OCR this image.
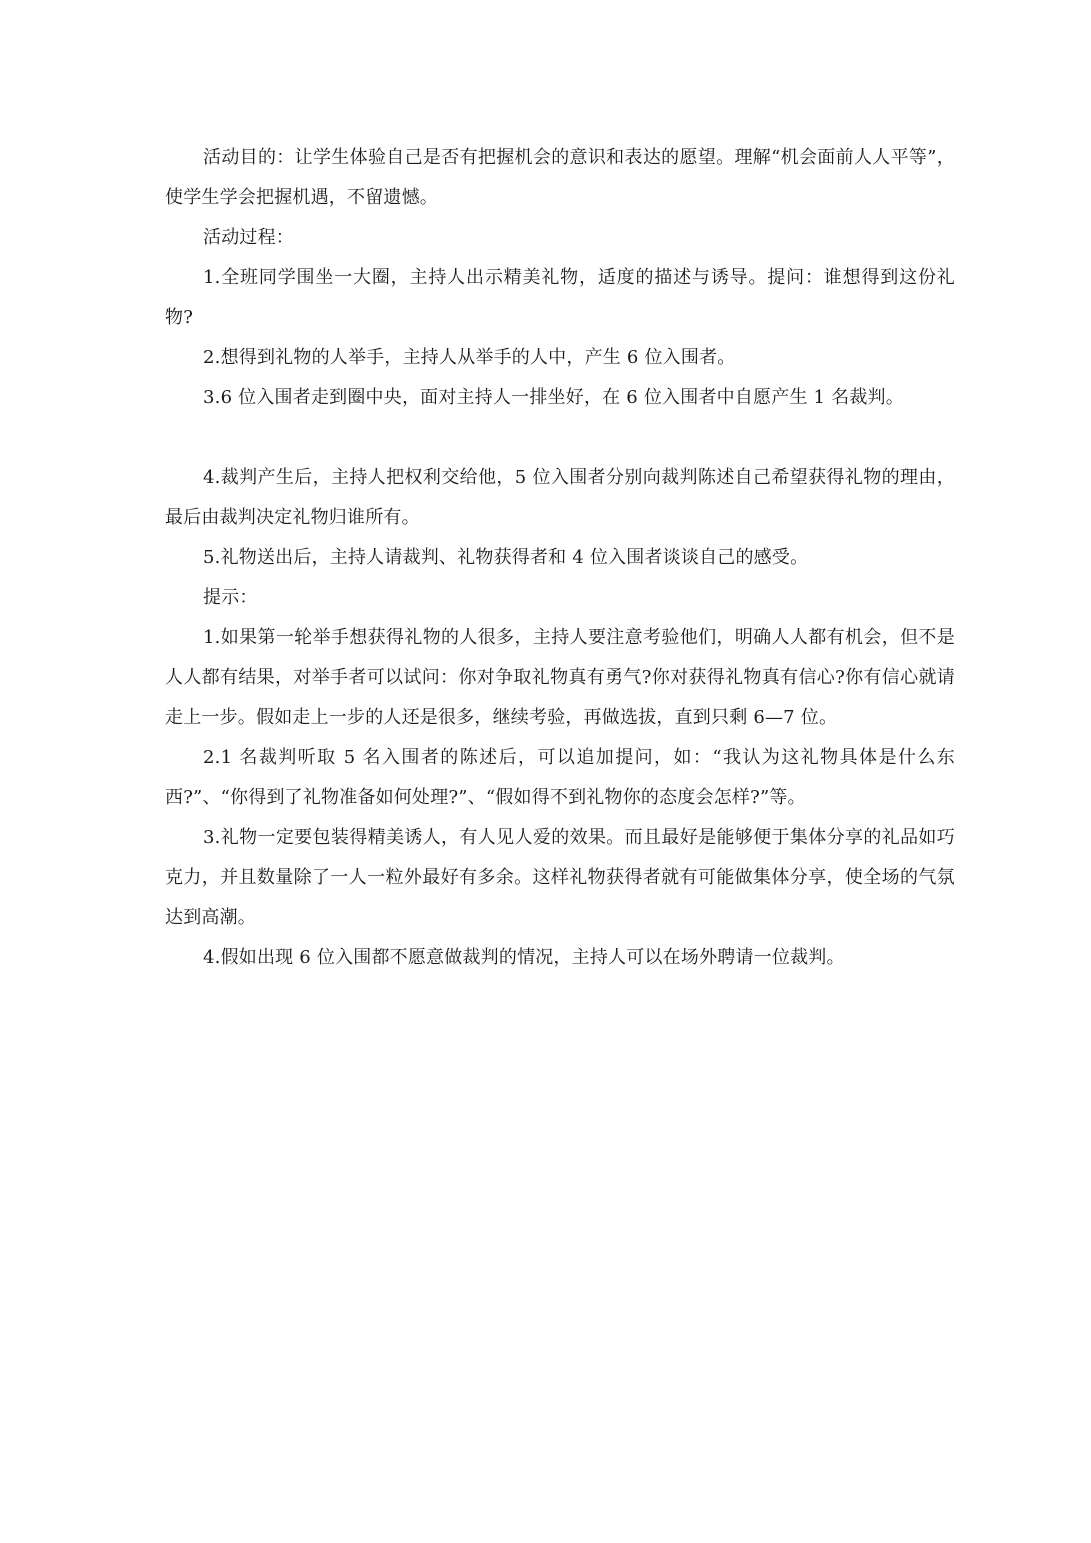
活动目的：让学生体验自己是否有把握机会的意识和表达的愿望。理解“机会面前人人平等”，使学生学会把握机遇，不留遗憾。

活动过程：

1.全班同学围坐一大圈，主持人出示精美礼物，适度的描述与诱导。提问：谁想得到这份礼物?

2.想得到礼物的人举手，主持人从举手的人中，产生 6 位入围者。

3.6 位入围者走到圈中央，面对主持人一排坐好，在 6 位入围者中自愿产生 1 名裁判。

4.裁判产生后，主持人把权利交给他，5 位入围者分别向裁判陈述自己希望获得礼物的理由，最后由裁判决定礼物归谁所有。

5.礼物送出后，主持人请裁判、礼物获得者和 4 位入围者谈谈自己的感受。

提示：

1.如果第一轮举手想获得礼物的人很多，主持人要注意考验他们，明确人人都有机会，但不是人人都有结果，对举手者可以试问：你对争取礼物真有勇气?你对获得礼物真有信心?你有信心就请走上一步。假如走上一步的人还是很多，继续考验，再做选拔，直到只剩 6—7 位。

2.1 名裁判听取 5 名入围者的陈述后，可以追加提问，如：“我认为这礼物具体是什么东西?”、“你得到了礼物准备如何处理?”、“假如得不到礼物你的态度会怎样?”等。

3.礼物一定要包装得精美诱人，有人见人爱的效果。而且最好是能够便于集体分享的礼品如巧克力，并且数量除了一人一粒外最好有多余。这样礼物获得者就有可能做集体分享，使全场的气氛达到高潮。

4.假如出现 6 位入围都不愿意做裁判的情况，主持人可以在场外聘请一位裁判。
